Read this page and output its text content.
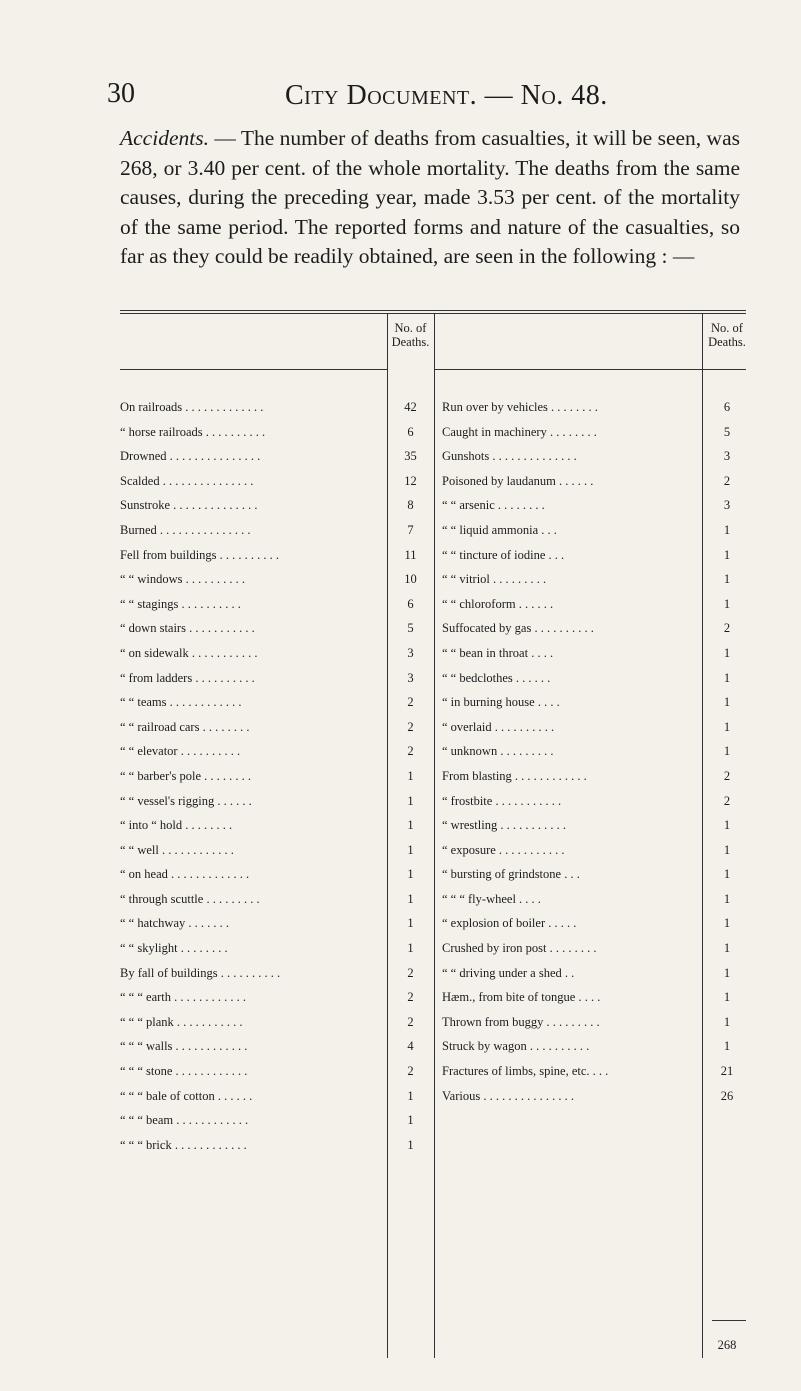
30	City Document. — No. 48.
Accidents. — The number of deaths from casualties, it will be seen, was 268, or 3.40 per cent. of the whole mortality. The deaths from the same causes, during the preceding year, made 3.53 per cent. of the mortality of the same period. The reported forms and nature of the casualties, so far as they could be readily obtained, are seen in the following : —
No. of Deaths.
No. of Deaths.
On railroads . . . . . . . . . . . . .	42
“ horse railroads . . . . . . . . . .	6
Drowned . . . . . . . . . . . . . . .	35
Scalded . . . . . . . . . . . . . . .	12
Sunstroke . . . . . . . . . . . . . .	8
Burned . . . . . . . . . . . . . . .	7
Fell from buildings . . . . . . . . . .	11
“ “ windows . . . . . . . . . .	10
“ “ stagings . . . . . . . . . .	6
“ down stairs . . . . . . . . . . .	5
“ on sidewalk . . . . . . . . . . .	3
“ from ladders . . . . . . . . . .	3
“ “ teams . . . . . . . . . . . .	2
“ “ railroad cars . . . . . . . .	2
“ “ elevator . . . . . . . . . .	2
“ “ barber's pole . . . . . . . .	1
“ “ vessel's rigging . . . . . .	1
“ into “ hold . . . . . . . .	1
“ “ well . . . . . . . . . . . .	1
“ on head . . . . . . . . . . . . .	1
“ through scuttle . . . . . . . . .	1
“ “ hatchway . . . . . . .	1
“ “ skylight . . . . . . . .	1
By fall of buildings . . . . . . . . . .	2
“ “ “ earth . . . . . . . . . . . .	2
“ “ “ plank . . . . . . . . . . .	2
“ “ “ walls . . . . . . . . . . . .	4
“ “ “ stone . . . . . . . . . . . .	2
“ “ “ bale of cotton . . . . . .	1
“ “ “ beam . . . . . . . . . . . .	1
“ “ “ brick . . . . . . . . . . . .	1
Run over by vehicles . . . . . . . .	6
Caught in machinery . . . . . . . .	5
Gunshots . . . . . . . . . . . . . .	3
Poisoned by laudanum . . . . . .	2
“ “ arsenic . . . . . . . .	3
“ “ liquid ammonia . . .	1
“ “ tincture of iodine . . .	1
“ “ vitriol . . . . . . . . .	1
“ “ chloroform . . . . . .	1
Suffocated by gas . . . . . . . . . .	2
“ “ bean in throat . . . .	1
“ “ bedclothes . . . . . .	1
“ in burning house . . . .	1
“ overlaid . . . . . . . . . .	1
“ unknown . . . . . . . . .	1
From blasting . . . . . . . . . . . .	2
“ frostbite . . . . . . . . . . .	2
“ wrestling . . . . . . . . . . .	1
“ exposure . . . . . . . . . . .	1
“ bursting of grindstone . . .	1
“ “ “ fly-wheel . . . .	1
“ explosion of boiler . . . . .	1
Crushed by iron post . . . . . . . .	1
“ “ driving under a shed . .	1
Hæm., from bite of tongue . . . .	1
Thrown from buggy . . . . . . . . .	1
Struck by wagon . . . . . . . . . .	1
Fractures of limbs, spine, etc. . . .	21
Various . . . . . . . . . . . . . . .	26
268
